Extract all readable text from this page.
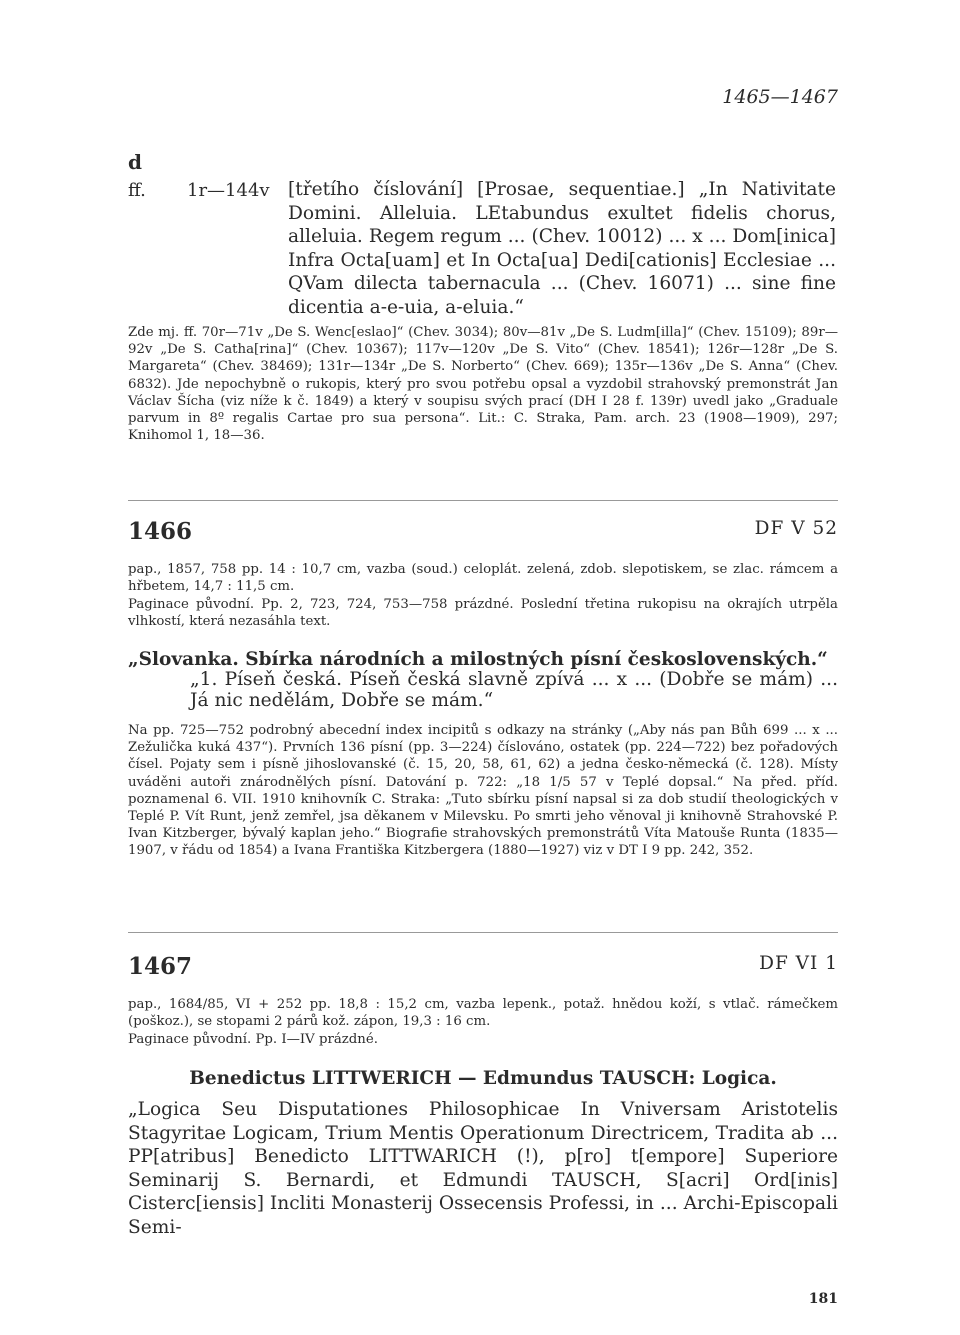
1465—1467
d
ff. 1r—144v [třetího číslování] [Prosae, sequentiae.] „In Nativitate Domini. Alleluia. LEtabundus exultet fidelis chorus, alleluia. Regem regum ... (Chev. 10012) ... x ... Dom[inica] Infra Octa[uam] et In Octa[ua] Dedi[cationis] Ecclesiae ... QVam dilecta tabernacula ... (Chev. 16071) ... sine fine dicentia a-e-uia, a-eluia.“
Zde mj. ff. 70r—71v „De S. Wenc[eslao]“ (Chev. 3034); 80v—81v „De S. Ludm[illa]“ (Chev. 15109); 89r—92v „De S. Catha[rina]“ (Chev. 10367); 117v—120v „De S. Vito“ (Chev. 18541); 126r—128r „De S. Margareta“ (Chev. 38469); 131r—134r „De S. Norberto“ (Chev. 669); 135r—136v „De S. Anna“ (Chev. 6832). Jde nepochybně o rukopis, který pro svou potřebu opsal a vyzdobil strahovský premonstrát Jan Václav Šícha (viz níže k č. 1849) a který v soupisu svých prací (DH I 28 f. 139r) uvedl jako „Graduale parvum in 8º regalis Cartae pro sua persona“. Lit.: C. Straka, Pam. arch. 23 (1908—1909), 297; Knihomol 1, 18—36.
1466	DF V 52
pap., 1857, 758 pp. 14 : 10,7 cm, vazba (soud.) celoplát. zelená, zdob. slepotiskem, se zlac. rámcem a hřbetem, 14,7 : 11,5 cm.
Paginace původní. Pp. 2, 723, 724, 753—758 prázdné. Poslední třetina rukopisu na okrajích utrpěla vlhkostí, která nezasáhla text.
„Slovanka. Sbírka národních a milostných písní československých.“
„1. Píseň česká. Píseň česká slavně zpívá ... x ... (Dobře se mám) ... Já nic nedělám, Dobře se mám.“
Na pp. 725—752 podrobný abecední index incipitů s odkazy na stránky („Aby nás pan Bůh 699 ... x ... Zežulička kuká 437“). Prvních 136 písní (pp. 3—224) číslováno, ostatek (pp. 224—722) bez pořadových čísel. Pojaty sem i písně jihoslovanské (č. 15, 20, 58, 61, 62) a jedna česko-německá (č. 128). Místy uváděni autoři znárodnělých písní. Datování p. 722: „18 1/5 57 v Teplé dopsal.“ Na před. příd. poznamenal 6. VII. 1910 knihovník C. Straka: „Tuto sbírku písní napsal si za dob studií theologických v Teplé P. Vít Runt, jenž zemřel, jsa děkanem v Milevsku. Po smrti jeho věnoval ji knihovně Strahovské P. Ivan Kitzberger, bývalý kaplan jeho.“ Biografie strahovských premonstrátů Víta Matouše Runta (1835—1907, v řádu od 1854) a Ivana Františka Kitzbergera (1880—1927) viz v DT I 9 pp. 242, 352.
1467	DF VI 1
pap., 1684/85, VI + 252 pp. 18,8 : 15,2 cm, vazba lepenk., potaž. hnědou koží, s vtlač. rámečkem (poškoz.), se stopami 2 párů kož. zápon, 19,3 : 16 cm.
Paginace původní. Pp. I—IV prázdné.
Benedictus LITTWERICH — Edmundus TAUSCH: Logica.
„Logica Seu Disputationes Philosophicae In Vniversam Aristotelis Stagyritae Logicam, Trium Mentis Operationum Directricem, Tradita ab ... PP[atribus] Benedicto LITTWARICH (!), p[ro] t[empore] Superiore Seminarij S. Bernardi, et Edmundi TAUSCH, S[acri] Ord[inis] Cisterc[iensis] Incliti Monasterij Ossecensis Professi, in ... Archi-Episcopali Semi-
181
